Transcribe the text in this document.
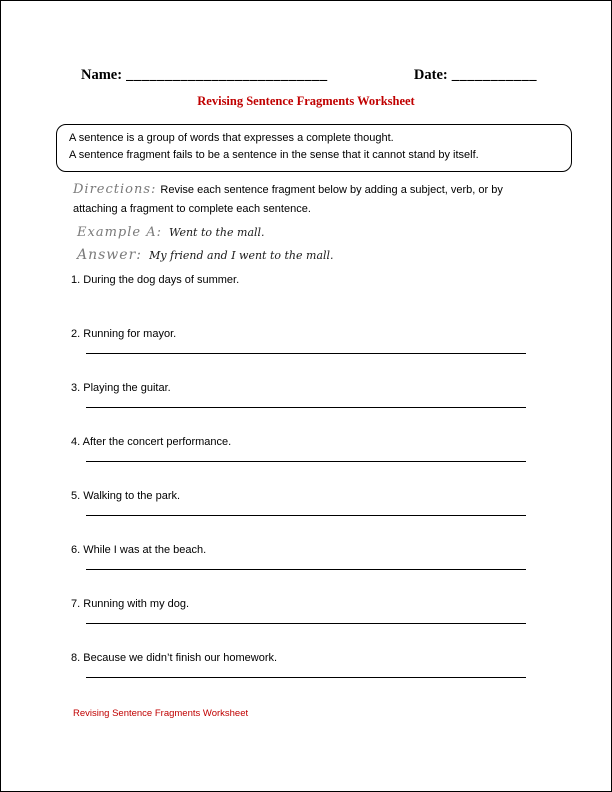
Name: __________________________	Date: ___________
Revising Sentence Fragments Worksheet
A sentence is a group of words that expresses a complete thought.
A sentence fragment fails to be a sentence in the sense that it cannot stand by itself.
Directions: Revise each sentence fragment below by adding a subject, verb, or by attaching a fragment to complete each sentence.
Example A: Went to the mall.
Answer: My friend and I went to the mall.
1. During the dog days of summer.
2. Running for mayor.
3. Playing the guitar.
4. After the concert performance.
5. Walking to the park.
6. While I was at the beach.
7. Running with my dog.
8. Because we didn’t finish our homework.
Revising Sentence Fragments Worksheet
